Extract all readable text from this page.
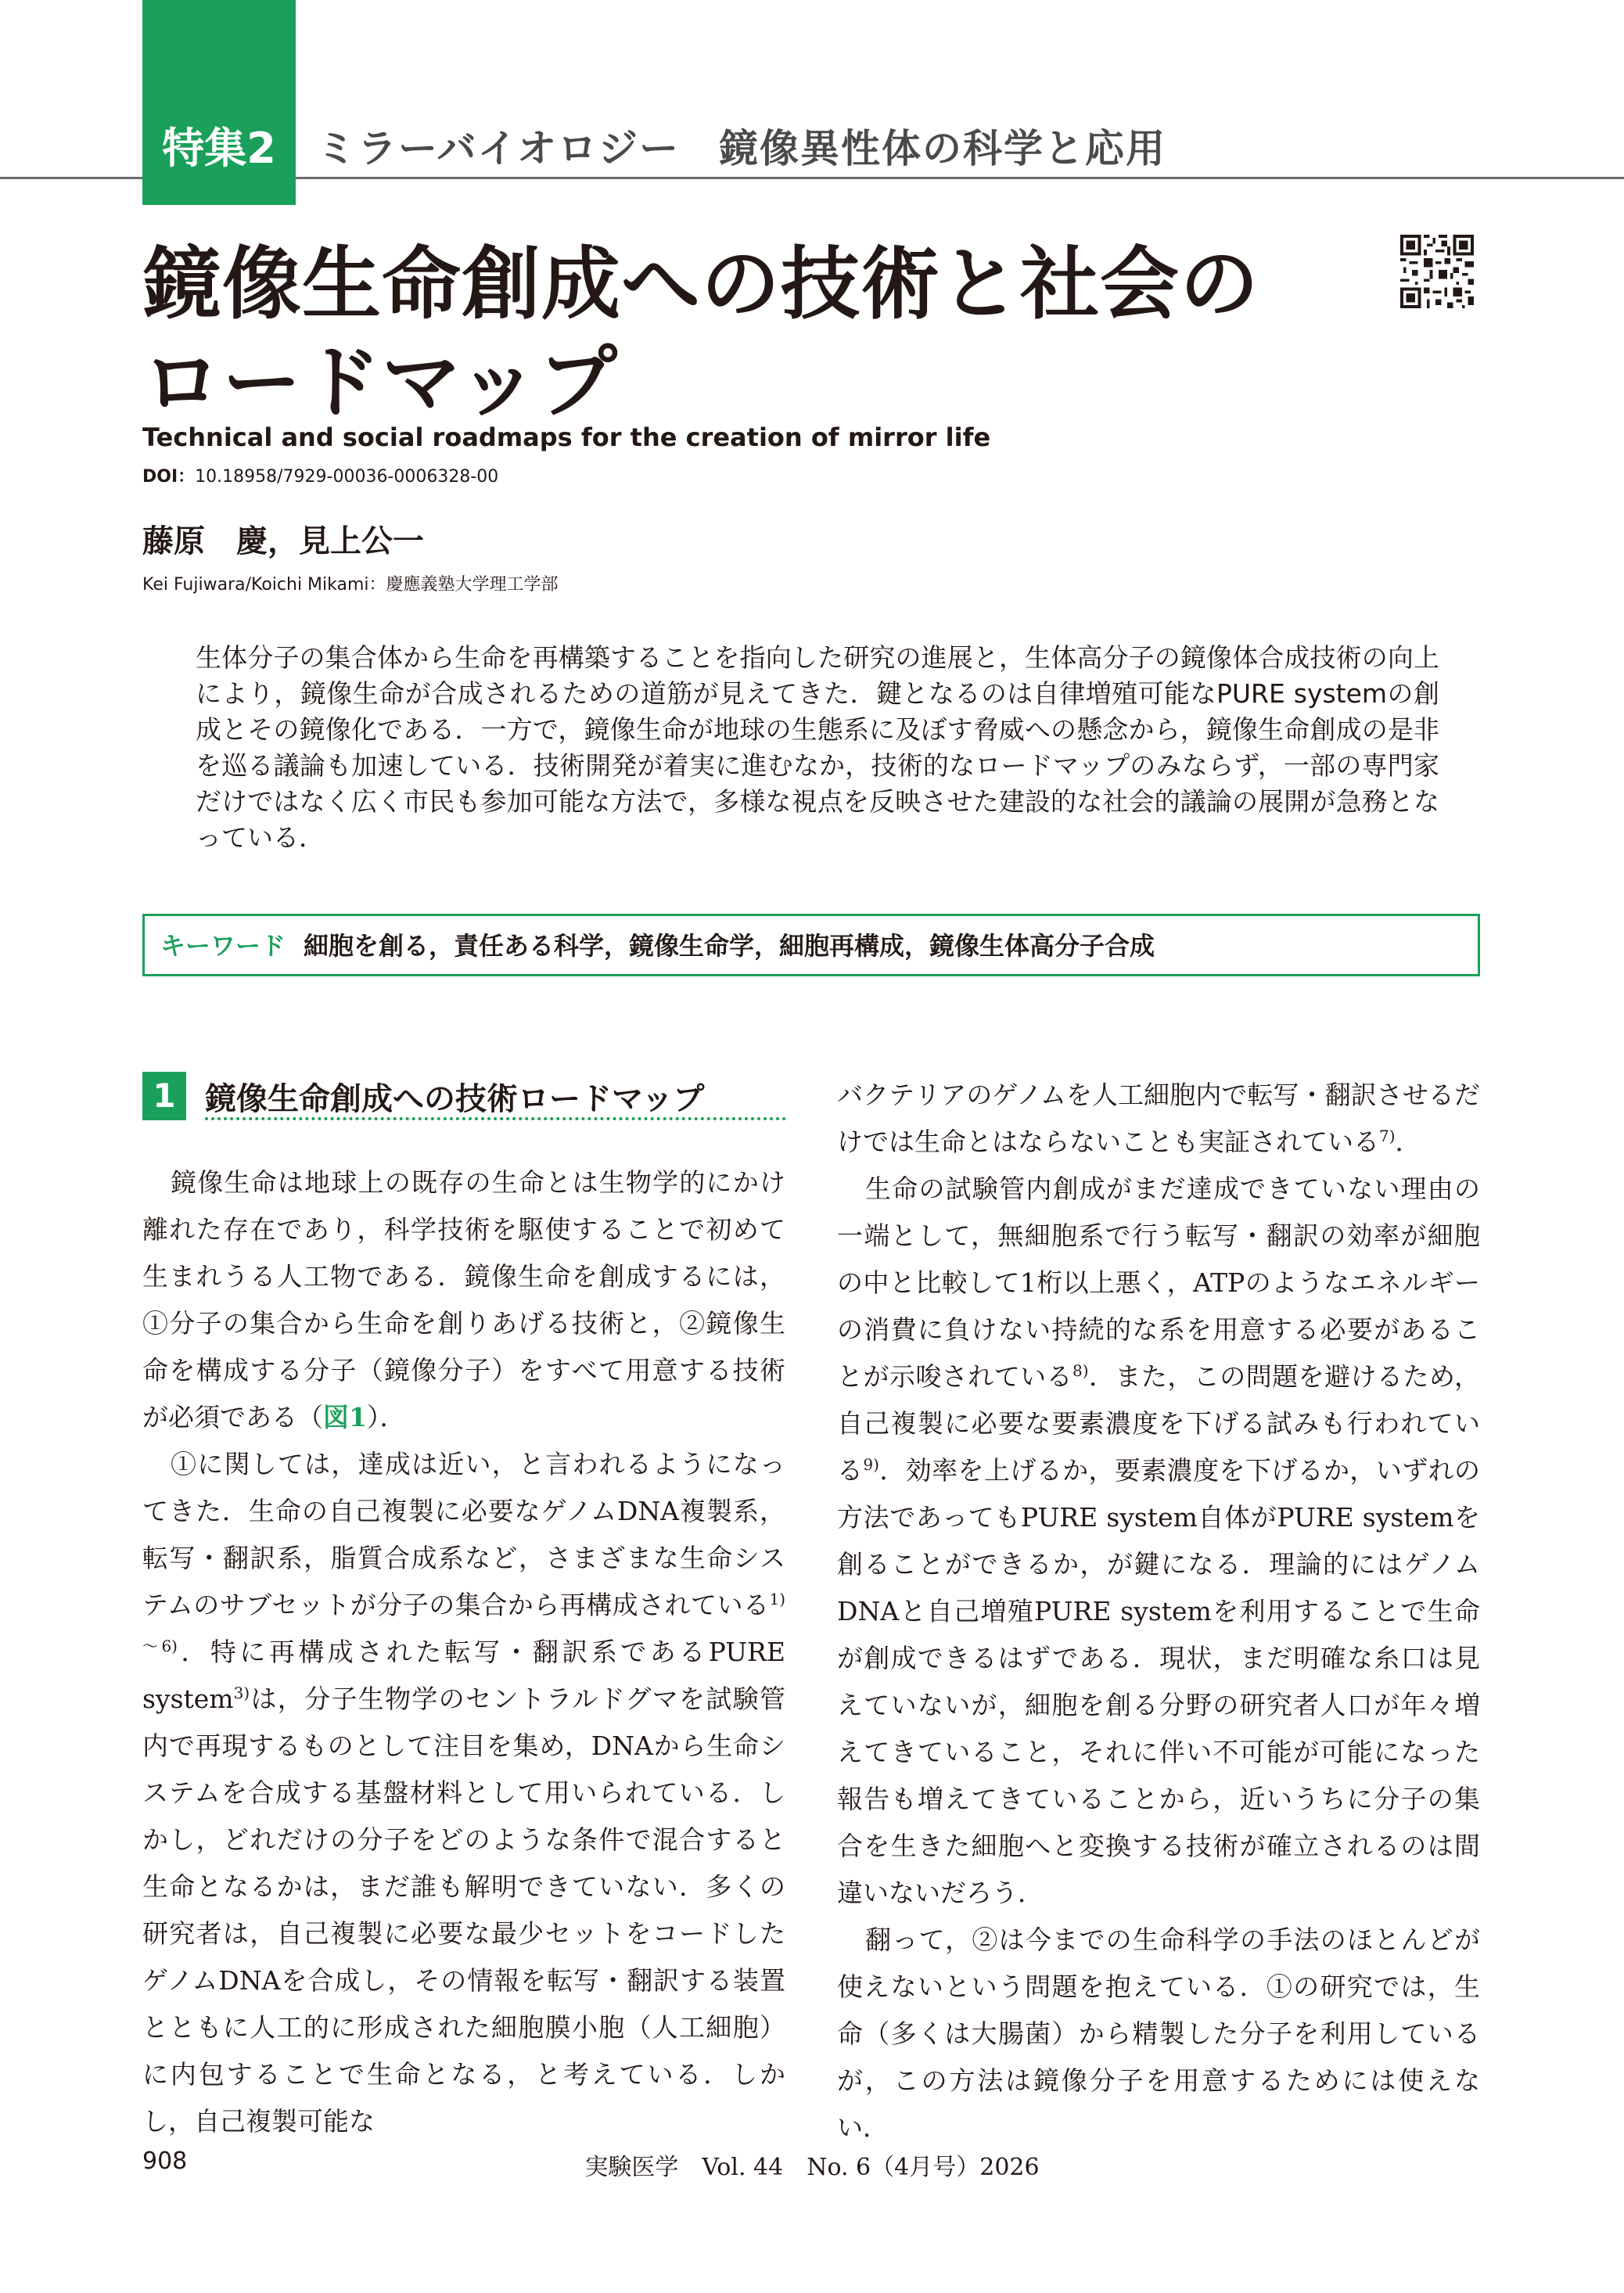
特集2	ミラーバイオロジー 鏡像異性体の科学と応用
鏡像生命創成への技術と社会の
ロードマップ
Technical and social roadmaps for the creation of mirror life
DOI：10.18958/7929-00036-0006328-00
藤原　慶，見上公一
Kei Fujiwara/Koichi Mikami：慶應義塾大学理工学部
生体分子の集合体から生命を再構築することを指向した研究の進展と，生体高分子の鏡像体合成技術の向上により，鏡像生命が合成されるための道筋が見えてきた．鍵となるのは自律増殖可能なPURE systemの創成とその鏡像化である．一方で，鏡像生命が地球の生態系に及ぼす脅威への懸念から，鏡像生命創成の是非を巡る議論も加速している．技術開発が着実に進むなか，技術的なロードマップのみならず，一部の専門家だけではなく広く市民も参加可能な方法で，多様な視点を反映させた建設的な社会的議論の展開が急務となっている．
キーワード 細胞を創る，責任ある科学，鏡像生命学，細胞再構成，鏡像生体高分子合成
1 鏡像生命創成への技術ロードマップ

鏡像生命は地球上の既存の生命とは生物学的にかけ離れた存在であり，科学技術を駆使することで初めて生まれうる人工物である．鏡像生命を創成するには，①分子の集合から生命を創りあげる技術と，②鏡像生命を構成する分子（鏡像分子）をすべて用意する技術が必須である（図1）．

①に関しては，達成は近い，と言われるようになってきた．生命の自己複製に必要なゲノムDNA複製系，転写・翻訳系，脂質合成系など，さまざまな生命システムのサブセットが分子の集合から再構成されている$^{1)\sim 6)}$．特に再構成された転写・翻訳系であるPURE system$^{3)}$は，分子生物学のセントラルドグマを試験管内で再現するものとして注目を集め，DNAから生命システムを合成する基盤材料として用いられている．しかし，どれだけの分子をどのような条件で混合すると生命となるかは，まだ誰も解明できていない．多くの研究者は，自己複製に必要な最少セットをコードしたゲノムDNAを合成し，その情報を転写・翻訳する装置とともに人工的に形成された細胞膜小胞（人工細胞）に内包することで生命となる，と考えている．しかし，自己複製可能な

バクテリアのゲノムを人工細胞内で転写・翻訳させるだけでは生命とはならないことも実証されている$^{7)}$．

生命の試験管内創成がまだ達成できていない理由の一端として，無細胞系で行う転写・翻訳の効率が細胞の中と比較して1桁以上悪く，ATPのようなエネルギーの消費に負けない持続的な系を用意する必要があることが示唆されている$^{8)}$．また，この問題を避けるため，自己複製に必要な要素濃度を下げる試みも行われている$^{9)}$．効率を上げるか，要素濃度を下げるか，いずれの方法であってもPURE system自体がPURE systemを創ることができるか，が鍵になる．理論的にはゲノムDNAと自己増殖PURE systemを利用することで生命が創成できるはずである．現状，まだ明確な糸口は見えていないが，細胞を創る分野の研究者人口が年々増えてきていること，それに伴い不可能が可能になった報告も増えてきていることから，近いうちに分子の集合を生きた細胞へと変換する技術が確立されるのは間違いないだろう．

翻って，②は今までの生命科学の手法のほとんどが使えないという問題を抱えている．①の研究では，生命（多くは大腸菌）から精製した分子を利用しているが，この方法は鏡像分子を用意するためには使えない．

908	実験医学　Vol. 44　No. 6（4月号）2026
